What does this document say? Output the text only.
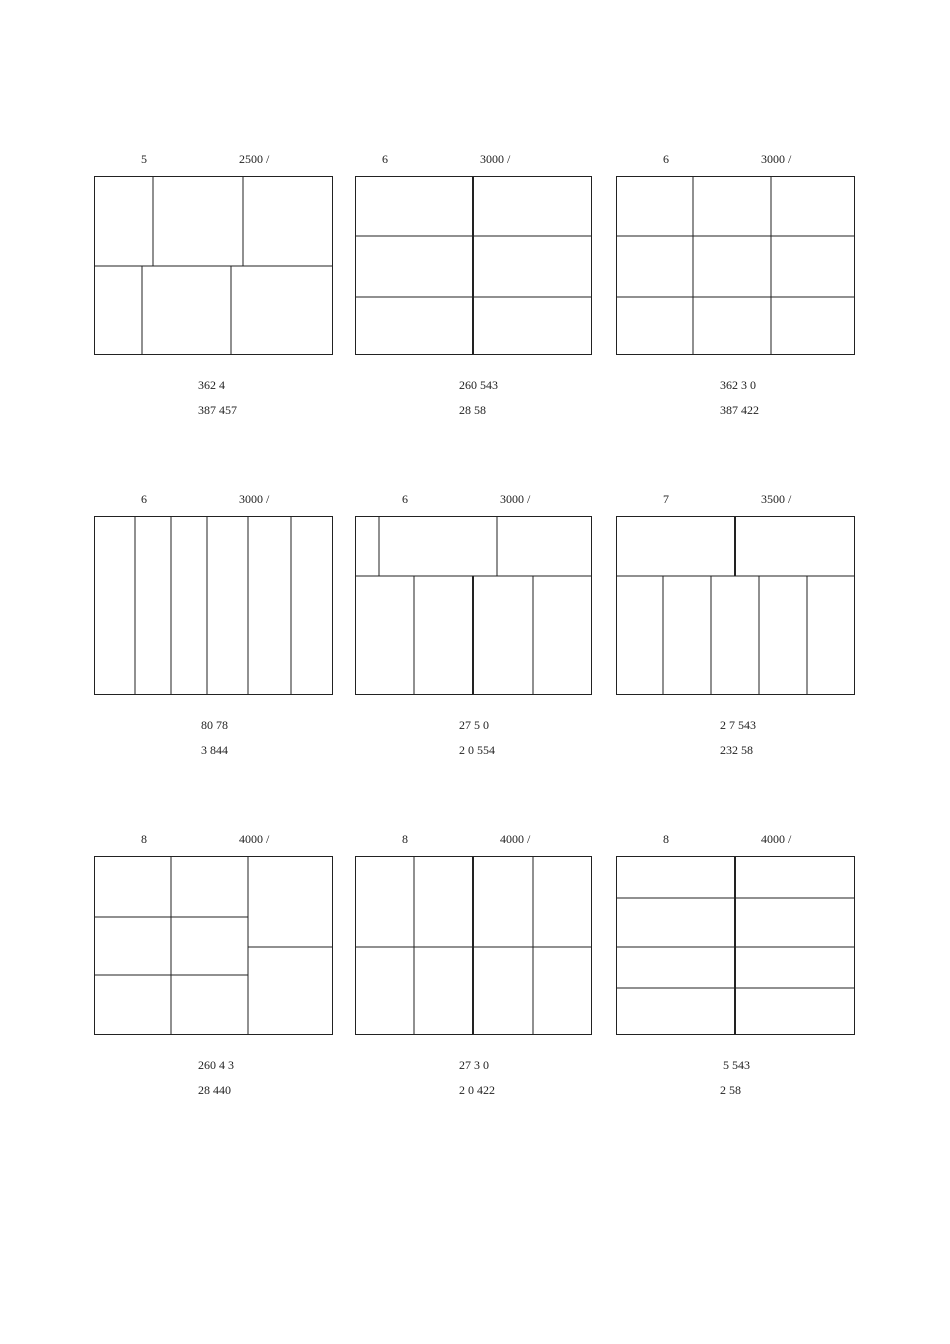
5	2500 /
362 4
387 457
6	3000 /
260 543
28 58
6	3000 /
362 3 0
387 422
6	3000 /
80 78
3 844
6	3000 /
27 5 0
2 0 554
7	3500 /
2 7 543
232 58
8	4000 /
260 4 3
28 440
8	4000 /
27 3 0
2 0 422
8	4000 /
5 543
2 58
